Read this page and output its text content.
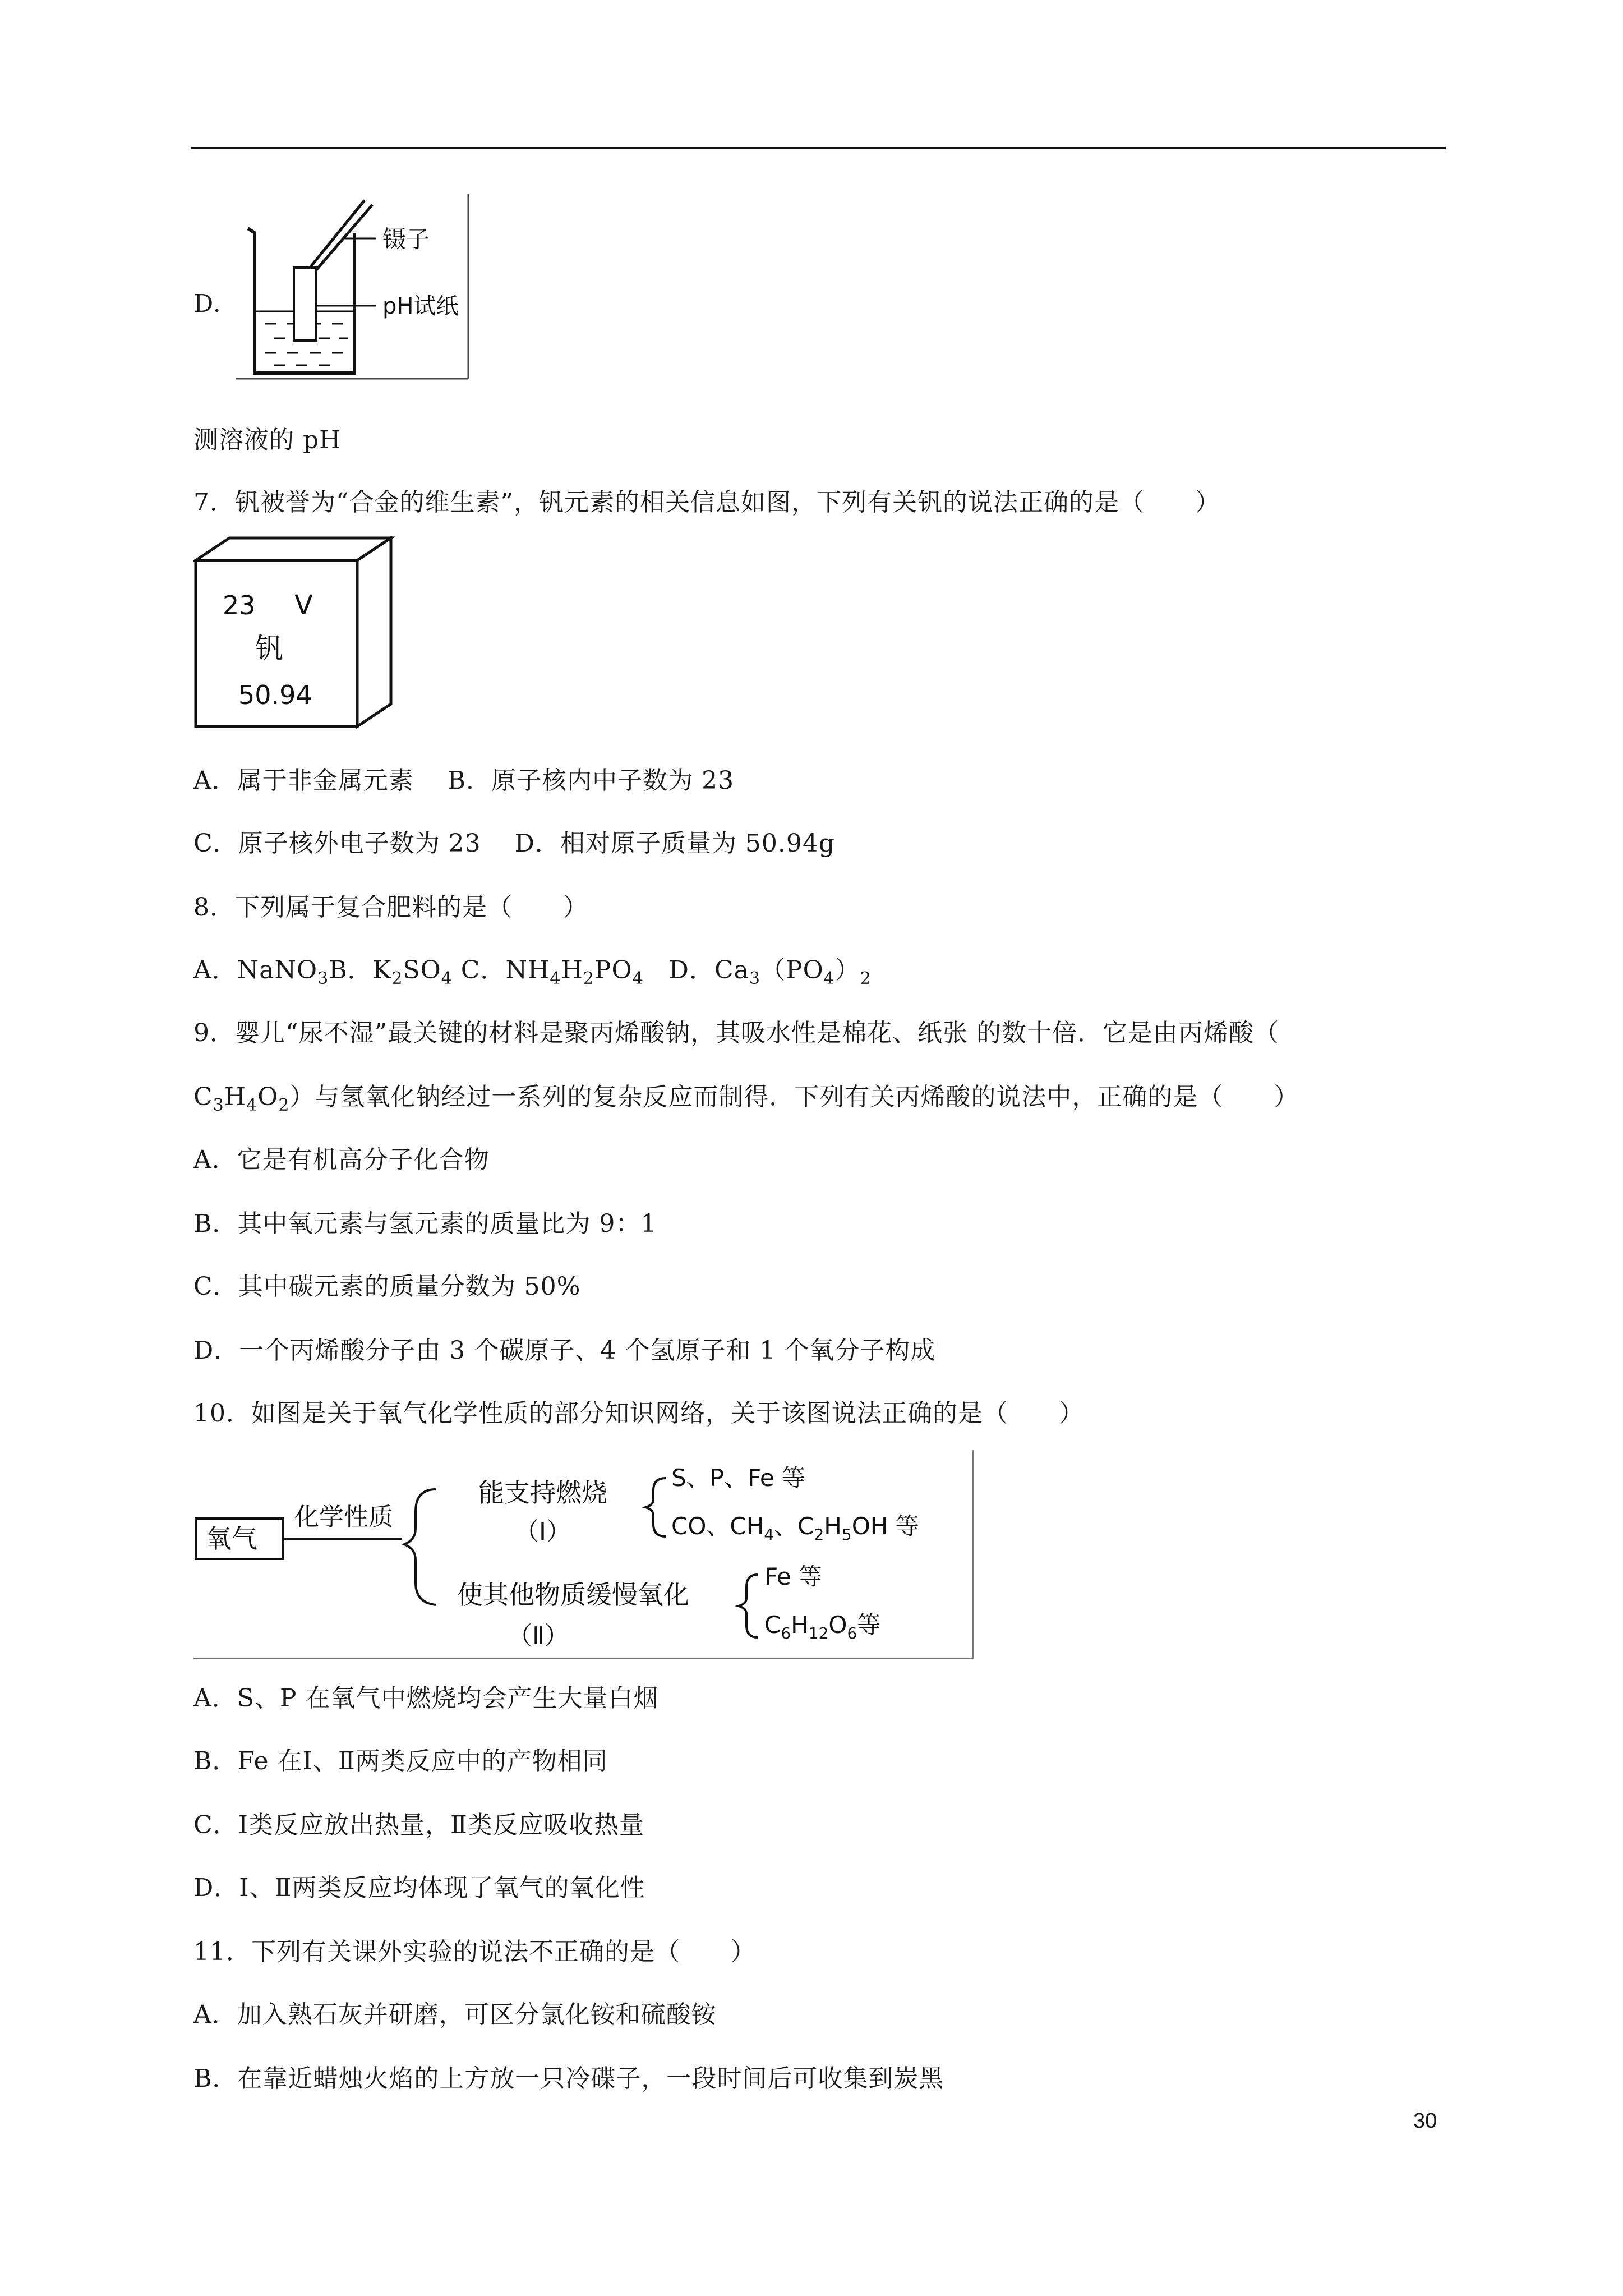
D.
镊子
pH试纸
测溶液的 pH
7．钒被誉为“合金的维生素”，钒元素的相关信息如图，下列有关钒的说法正确的是（　　）
23 V
钒
50.94
A．属于非金属元素　 B．原子核内中子数为 23
C．原子核外电子数为 23　 D．相对原子质量为 50.94g
8．下列属于复合肥料的是（　　）
A．NaNO$_3$B．$K_2SO_4$ C．$NH_4H_2PO_4$　D．$Ca_3(PO_4)_2$
9．婴儿“尿不湿”最关键的材料是聚丙烯酸钠，其吸水性是棉花、纸张 的数十倍．它是由丙烯酸（
$C_3H_4O_2$）与氢氧化钠经过一系列的复杂反应而制得．下列有关丙烯酸的说法中，正确的是（　　）
A．它是有机高分子化合物
B．其中氧元素与氢元素的质量比为 9：1
C．其中碳元素的质量分数为 50%
D．一个丙烯酸分子由 3 个碳原子、4 个氢原子和 1 个氧分子构成
10．如图是关于氧气化学性质的部分知识网络，关于该图说法正确的是（　　）
氧气
化学性质
能支持燃烧
（Ⅰ）
S、P、Fe 等
CO、$CH_4$、$C_2H_5OH$ 等
使其他物质缓慢氧化
（Ⅱ）
Fe 等
$C_6H_{12}O_6$等
A．S、P 在氧气中燃烧均会产生大量白烟
B．Fe 在Ⅰ、Ⅱ两类反应中的产物相同
C．Ⅰ类反应放出热量，Ⅱ类反应吸收热量
D．Ⅰ、Ⅱ两类反应均体现了氧气的氧化性
11．下列有关课外实验的说法不正确的是（　　）
A．加入熟石灰并研磨，可区分氯化铵和硫酸铵
B．在靠近蜡烛火焰的上方放一只冷碟子，一段时间后可收集到炭黑
30
